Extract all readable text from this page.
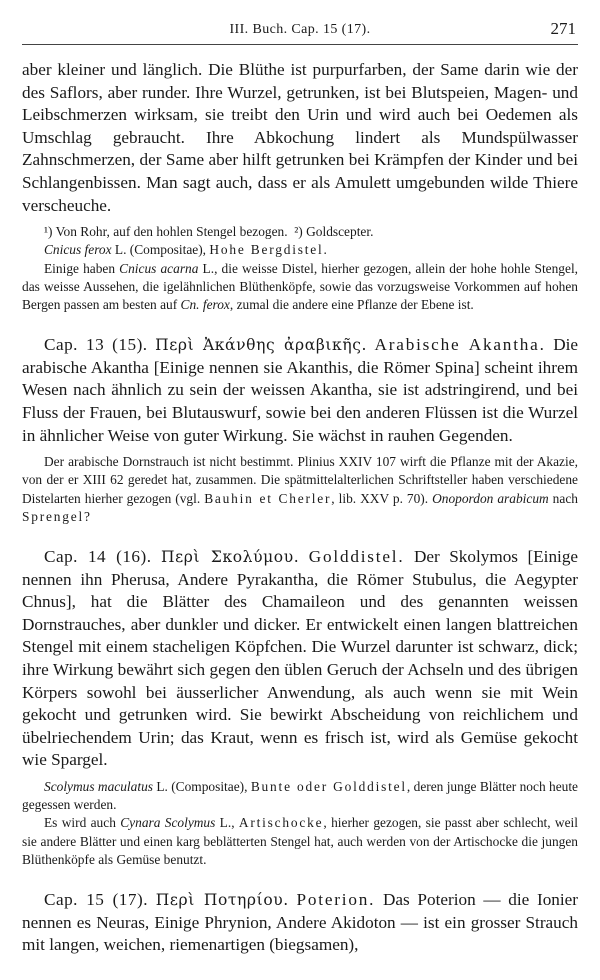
III. Buch. Cap. 15 (17).	271

aber kleiner und länglich. Die Blüthe ist purpurfarben, der Same darin wie der des Saflors, aber runder. Ihre Wurzel, getrunken, ist bei Blutspeien, Magen- und Leibschmerzen wirksam, sie treibt den Urin und wird auch bei Oedemen als Umschlag gebraucht. Ihre Abkochung lindert als Mundspülwasser Zahnschmerzen, der Same aber hilft getrunken bei Krämpfen der Kinder und bei Schlangenbissen. Man sagt auch, dass er als Amulett umgebunden wilde Thiere verscheuche.

¹) Von Rohr, auf den hohlen Stengel bezogen. ²) Goldscepter.

Cnicus ferox L. (Compositae), Hohe Bergdistel.

Einige haben Cnicus acarna L., die weisse Distel, hierher gezogen, allein der hohe hohle Stengel, das weisse Aussehen, die igelähnlichen Blüthenköpfe, sowie das vorzugsweise Vorkommen auf hohen Bergen passen am besten auf Cn. ferox, zumal die andere eine Pflanze der Ebene ist.

Cap. 13 (15). Περὶ Ἀκάνθης ἀραβικῆς. Arabische Akantha. Die arabische Akantha [Einige nennen sie Akanthis, die Römer Spina] scheint ihrem Wesen nach ähnlich zu sein der weissen Akantha, sie ist adstringirend, und bei Fluss der Frauen, bei Blutauswurf, sowie bei den anderen Flüssen ist die Wurzel in ähnlicher Weise von guter Wirkung. Sie wächst in rauhen Gegenden.

Der arabische Dornstrauch ist nicht bestimmt. Plinius XXIV 107 wirft die Pflanze mit der Akazie, von der er XIII 62 geredet hat, zusammen. Die spätmittelalterlichen Schriftsteller haben verschiedene Distelarten hierher gezogen (vgl. Bauhin et Cherler, lib. XXV p. 70). Onopordon arabicum nach Sprengel?

Cap. 14 (16). Περὶ Σκολύμου. Golddistel. Der Skolymos [Einige nennen ihn Pherusa, Andere Pyrakantha, die Römer Stubulus, die Aegypter Chnus], hat die Blätter des Chamaileon und des genannten weissen Dornstrauches, aber dunkler und dicker. Er entwickelt einen langen blattreichen Stengel mit einem stacheligen Köpfchen. Die Wurzel darunter ist schwarz, dick; ihre Wirkung bewährt sich gegen den üblen Geruch der Achseln und des übrigen Körpers sowohl bei äusserlicher Anwendung, als auch wenn sie mit Wein gekocht und getrunken wird. Sie bewirkt Abscheidung von reichlichem und übelriechendem Urin; das Kraut, wenn es frisch ist, wird als Gemüse gekocht wie Spargel.

Scolymus maculatus L. (Compositae), Bunte oder Golddistel, deren junge Blätter noch heute gegessen werden.

Es wird auch Cynara Scolymus L., Artischocke, hierher gezogen, sie passt aber schlecht, weil sie andere Blätter und einen karg beblätterten Stengel hat, auch werden von der Artischocke die jungen Blüthenköpfe als Gemüse benutzt.

Cap. 15 (17). Περὶ Ποτηρίου. Poterion. Das Poterion — die Ionier nennen es Neuras, Einige Phrynion, Andere Akidoton — ist ein grosser Strauch mit langen, weichen, riemenartigen (biegsamen),
